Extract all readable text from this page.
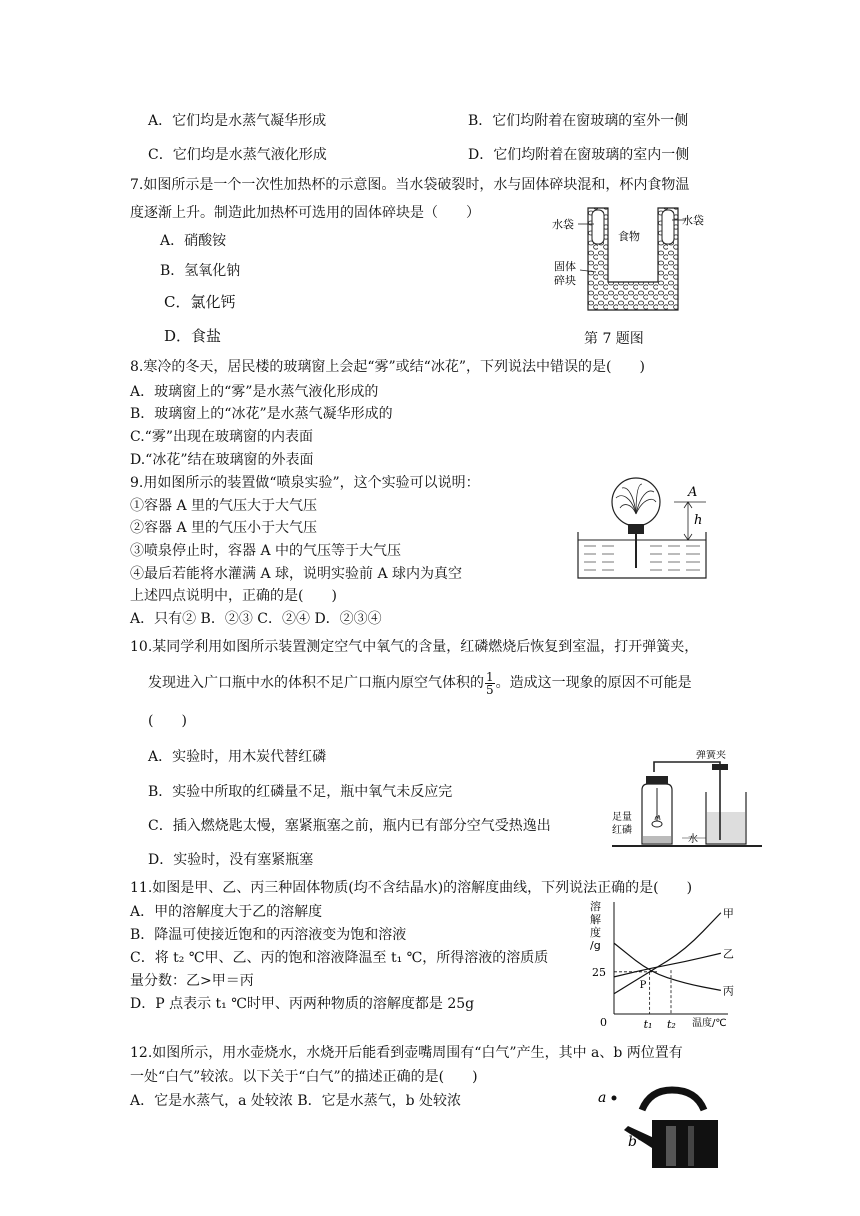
A．它们均是水蒸气凝华形成	B．它们均附着在窗玻璃的室外一侧
C．它们均是水蒸气液化形成	D．它们均附着在窗玻璃的室内一侧
7.如图所示是一个一次性加热杯的示意图。当水袋破裂时，水与固体碎块混和，杯内食物温
度逐渐上升。制造此加热杯可选用的固体碎块是（　　）
A．硝酸铵
B．氢氧化钠
C．氯化钙
D．食盐
水袋
食物
水袋
固体
碎块
第 7 题图
8.寒冷的冬天，居民楼的玻璃窗上会起“雾”或结“冰花”，下列说法中错误的是(　　)
A．玻璃窗上的“雾”是水蒸气液化形成的
B．玻璃窗上的“冰花”是水蒸气凝华形成的
C.“雾”出现在玻璃窗的内表面
D.“冰花”结在玻璃窗的外表面
9.用如图所示的装置做“喷泉实验”，这个实验可以说明：
①容器 A 里的气压大于大气压
②容器 A 里的气压小于大气压
③喷泉停止时，容器 A 中的气压等于大气压
④最后若能将水灌满 A 球，说明实验前 A 球内为真空
上述四点说明中，正确的是(　　)
A．只有② B．②③ C．②④ D．②③④
A
h
10.某同学利用如图所示装置测定空气中氧气的含量，红磷燃烧后恢复到室温，打开弹簧夹，
发现进入广口瓶中水的体积不足广口瓶内原空气体积的 $\frac{1}{5}$ 。造成这一现象的原因不可能是
(　　)
A．实验时，用木炭代替红磷
B．实验中所取的红磷量不足，瓶中氧气未反应完
C．插入燃烧匙太慢，塞紧瓶塞之前，瓶内已有部分空气受热逸出
D．实验时，没有塞紧瓶塞
弹簧夹
足量
红磷
水
11.如图是甲、乙、丙三种固体物质(均不含结晶水)的溶解度曲线，下列说法正确的是(　　)
A．甲的溶解度大于乙的溶解度
B．降温可使接近饱和的丙溶液变为饱和溶液
C．将 t₂ ℃甲、乙、丙的饱和溶液降温至 t₁ ℃，所得溶液的溶质质
量分数：乙>甲＝丙
D．P 点表示 t₁ ℃时甲、丙两种物质的溶解度都是 25g
溶
解
度
/g
温度/℃
0
25
t₁ t₂
P
甲
乙
丙
12.如图所示，用水壶烧水，水烧开后能看到壶嘴周围有“白气”产生，其中 a、b 两位置有
一处“白气”较浓。以下关于“白气”的描述正确的是(　　)
A．它是水蒸气，a 处较浓 B．它是水蒸气，b 处较浓	a
b
